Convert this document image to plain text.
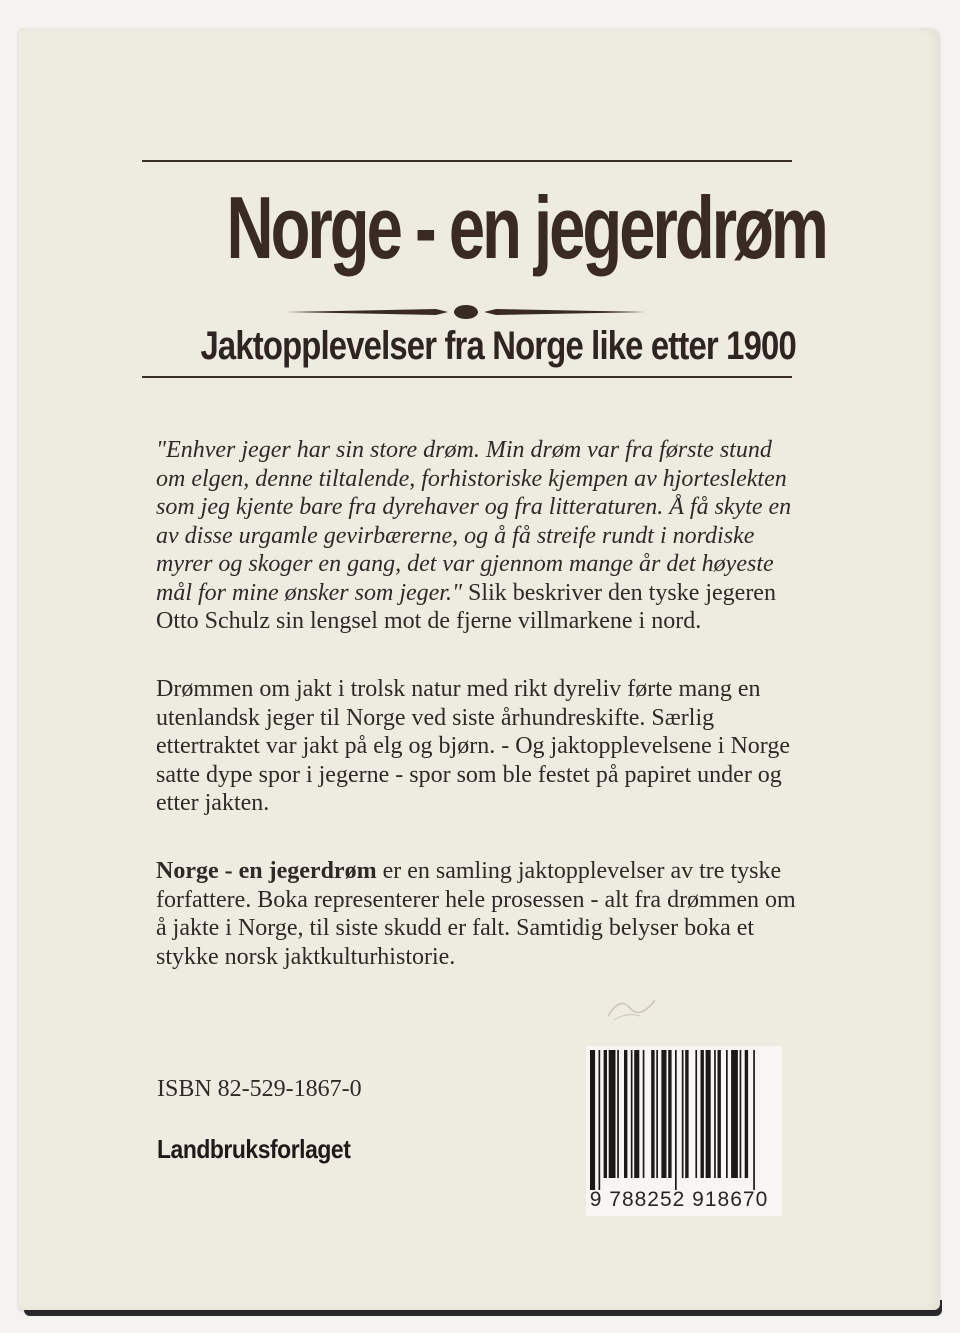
Norge - en jegerdrøm
Jaktopplevelser fra Norge like etter 1900

"Enhver jeger har sin store drøm. Min drøm var fra første stund om elgen, denne tiltalende, forhistoriske kjempen av hjorteslekten som jeg kjente bare fra dyrehaver og fra litteraturen. Å få skyte en av disse urgamle gevirbærerne, og å få streife rundt i nordiske myrer og skoger en gang, det var gjennom mange år det høyeste mål for mine ønsker som jeger." Slik beskriver den tyske jegeren Otto Schulz sin lengsel mot de fjerne villmarkene i nord.

Drømmen om jakt i trolsk natur med rikt dyreliv førte mang en utenlandsk jeger til Norge ved siste århundreskifte. Særlig ettertraktet var jakt på elg og bjørn. - Og jaktopplevelsene i Norge satte dype spor i jegerne - spor som ble festet på papiret under og etter jakten.

Norge - en jegerdrøm er en samling jaktopplevelser av tre tyske forfattere. Boka representerer hele prosessen - alt fra drømmen om å jakte i Norge, til siste skudd er falt. Samtidig belyser boka et stykke norsk jaktkulturhistorie.

ISBN 82-529-1867-0
Landbruksforlaget
9 788252 918670
